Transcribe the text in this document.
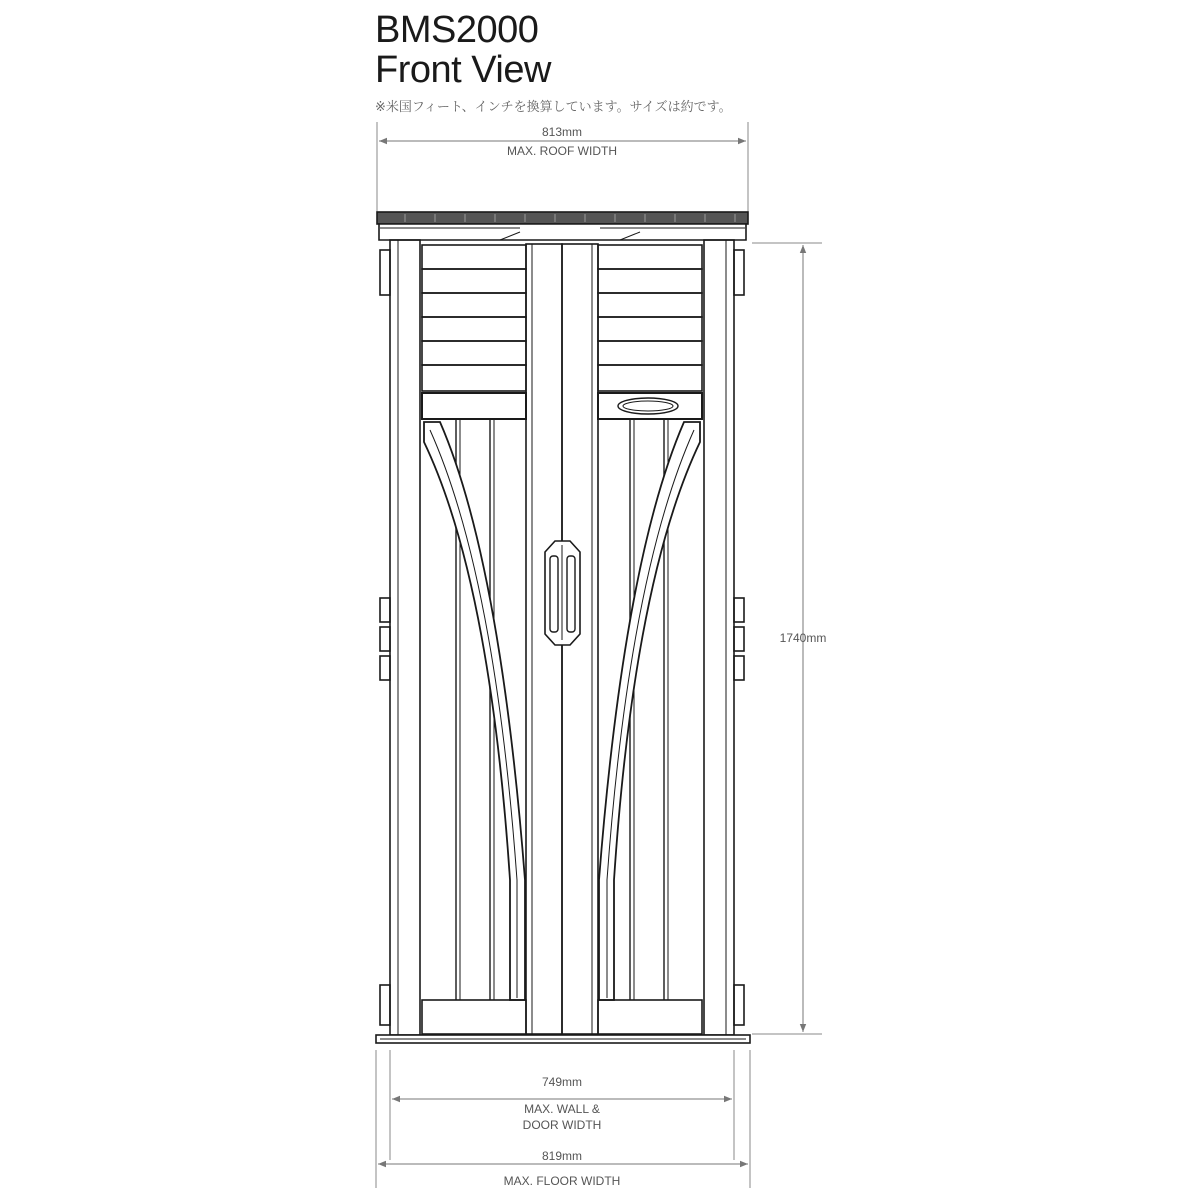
BMS2000
Front View
※米国フィート、インチを換算しています。サイズは約です。
813mm
MAX. ROOF WIDTH
1740mm
749mm
MAX. WALL &
DOOR WIDTH
819mm
MAX. FLOOR WIDTH
